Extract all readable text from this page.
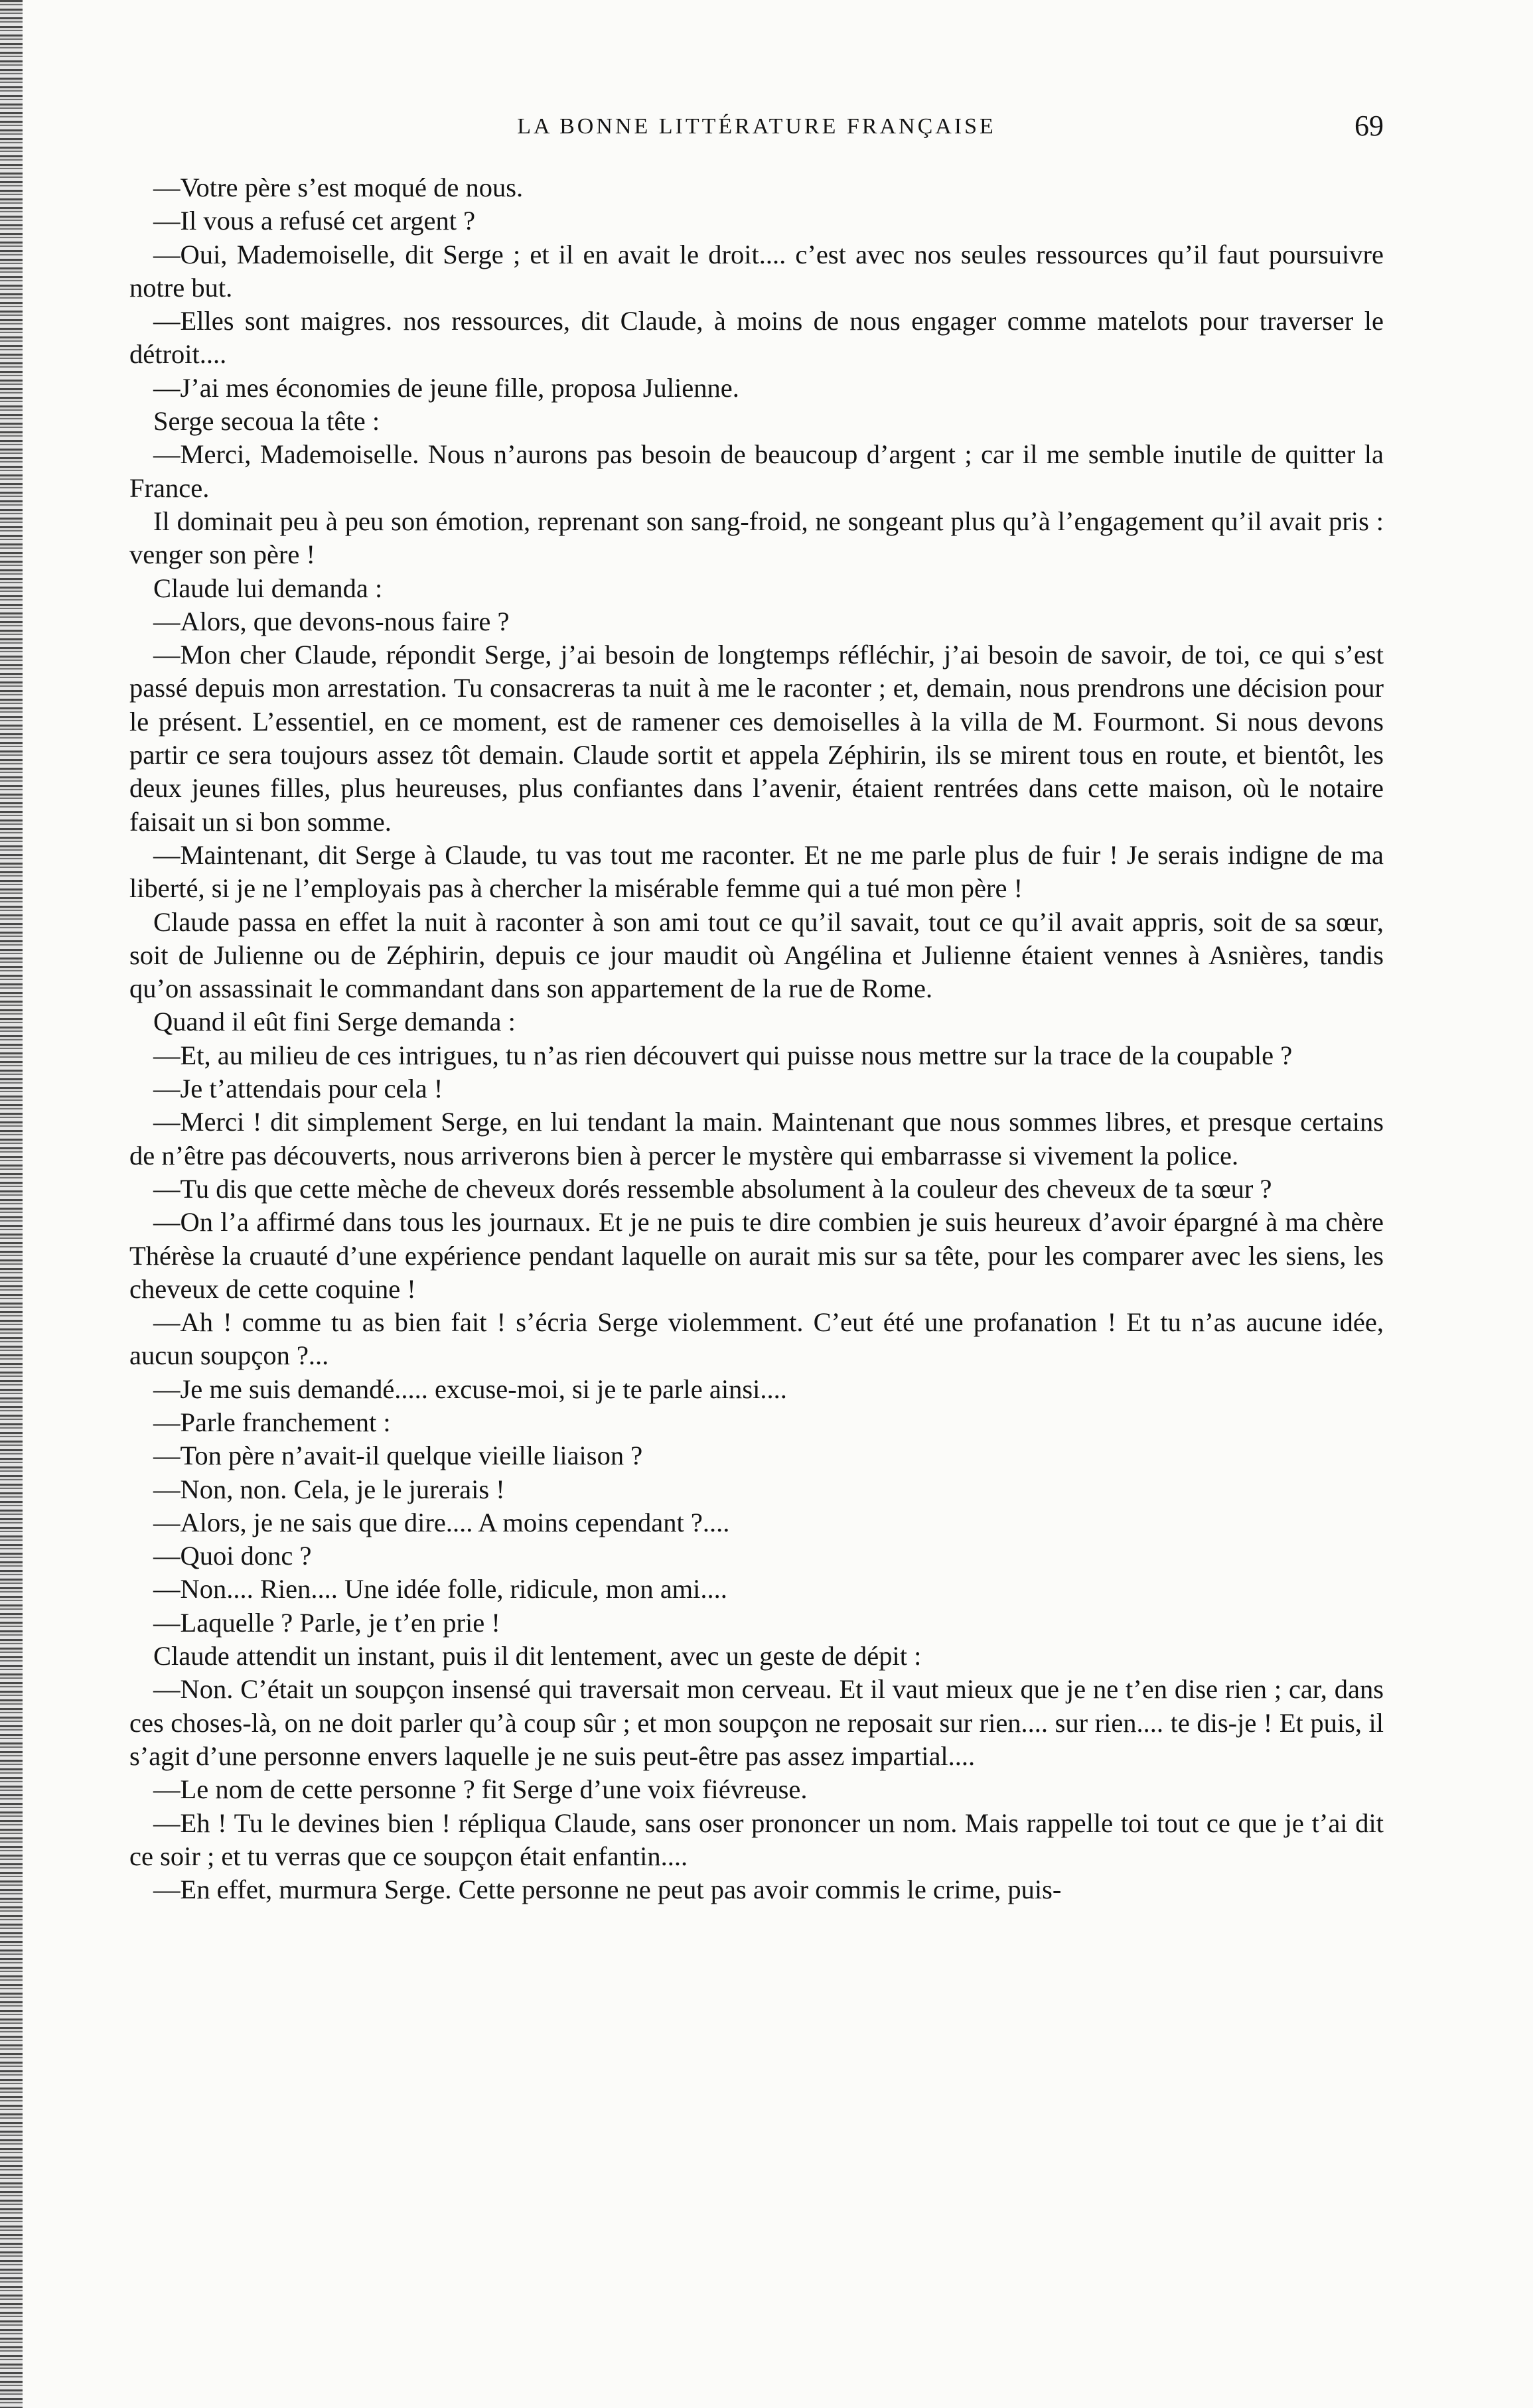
LA BONNE LITTÉRATURE FRANÇAISE	69

—Votre père s’est moqué de nous.

—Il vous a refusé cet argent ?

—Oui, Mademoiselle, dit Serge ; et il en avait le droit.... c’est avec nos seules ressources qu’il faut poursuivre notre but.

—Elles sont maigres. nos ressources, dit Claude, à moins de nous engager comme matelots pour traverser le détroit....

—J’ai mes économies de jeune fille, proposa Julienne.

Serge secoua la tête :

—Merci, Mademoiselle. Nous n’aurons pas besoin de beaucoup d’argent ; car il me semble inutile de quitter la France.

Il dominait peu à peu son émotion, reprenant son sang-froid, ne songeant plus qu’à l’engagement qu’il avait pris : venger son père !

Claude lui demanda :

—Alors, que devons-nous faire ?

—Mon cher Claude, répondit Serge, j’ai besoin de longtemps réfléchir, j’ai besoin de savoir, de toi, ce qui s’est passé depuis mon arrestation. Tu consacreras ta nuit à me le raconter ; et, demain, nous prendrons une décision pour le présent. L’essentiel, en ce moment, est de ramener ces demoiselles à la villa de M. Fourmont. Si nous devons partir ce sera toujours assez tôt demain. Claude sortit et appela Zéphirin, ils se mirent tous en route, et bientôt, les deux jeunes filles, plus heureuses, plus confiantes dans l’avenir, étaient rentrées dans cette maison, où le notaire faisait un si bon somme.

—Maintenant, dit Serge à Claude, tu vas tout me raconter. Et ne me parle plus de fuir ! Je serais indigne de ma liberté, si je ne l’employais pas à chercher la misérable femme qui a tué mon père !

Claude passa en effet la nuit à raconter à son ami tout ce qu’il savait, tout ce qu’il avait appris, soit de sa sœur, soit de Julienne ou de Zéphirin, depuis ce jour maudit où Angélina et Julienne étaient vennes à Asnières, tandis qu’on assassinait le commandant dans son appartement de la rue de Rome.

Quand il eût fini Serge demanda :

—Et, au milieu de ces intrigues, tu n’as rien découvert qui puisse nous mettre sur la trace de la coupable ?

—Je t’attendais pour cela !

—Merci ! dit simplement Serge, en lui tendant la main. Maintenant que nous sommes libres, et presque certains de n’être pas découverts, nous arriverons bien à percer le mystère qui embarrasse si vivement la police.

—Tu dis que cette mèche de cheveux dorés ressemble absolument à la couleur des cheveux de ta sœur ?

—On l’a affirmé dans tous les journaux. Et je ne puis te dire combien je suis heureux d’avoir épargné à ma chère Thérèse la cruauté d’une expérience pendant laquelle on aurait mis sur sa tête, pour les comparer avec les siens, les cheveux de cette coquine !

—Ah ! comme tu as bien fait ! s’écria Serge violemment. C’eut été une profanation ! Et tu n’as aucune idée, aucun soupçon ?...

—Je me suis demandé..... excuse-moi, si je te parle ainsi....

—Parle franchement :

—Ton père n’avait-il quelque vieille liaison ?

—Non, non. Cela, je le jurerais !

—Alors, je ne sais que dire.... A moins cependant ?....

—Quoi donc ?

—Non.... Rien.... Une idée folle, ridicule, mon ami....

—Laquelle ? Parle, je t’en prie !

Claude attendit un instant, puis il dit lentement, avec un geste de dépit :

—Non. C’était un soupçon insensé qui traversait mon cerveau. Et il vaut mieux que je ne t’en dise rien ; car, dans ces choses-là, on ne doit parler qu’à coup sûr ; et mon soupçon ne reposait sur rien.... sur rien.... te dis-je ! Et puis, il s’agit d’une personne envers laquelle je ne suis peut-être pas assez impartial....

—Le nom de cette personne ? fit Serge d’une voix fiévreuse.

—Eh ! Tu le devines bien ! répliqua Claude, sans oser prononcer un nom. Mais rappelle toi tout ce que je t’ai dit ce soir ; et tu verras que ce soupçon était enfantin....

—En effet, murmura Serge. Cette personne ne peut pas avoir commis le crime, puis-
